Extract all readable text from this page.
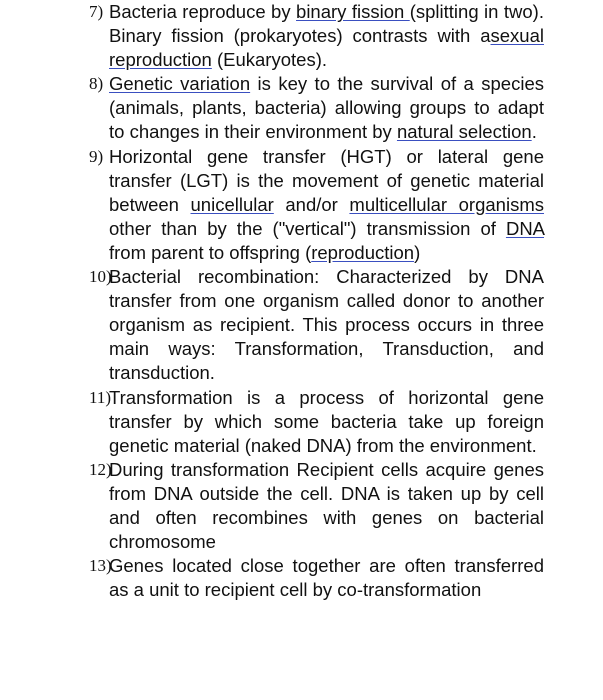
7) Bacteria reproduce by binary fission (splitting in two). Binary fission (prokaryotes) contrasts with asexual reproduction (Eukaryotes).
8) Genetic variation is key to the survival of a species (animals, plants, bacteria) allowing groups to adapt to changes in their environment by natural selection.
9) Horizontal gene transfer (HGT) or lateral gene transfer (LGT) is the movement of genetic material between unicellular and/or multicellular organisms other than by the ("vertical") transmission of DNA from parent to offspring (reproduction)
10)
Bacterial recombination: Characterized by DNA transfer from one organism called donor to another organism as recipient. This process occurs in three main ways: Transformation, Transduction, and transduction.
11)
Transformation is a process of horizontal gene transfer by which some bacteria take up foreign genetic material (naked DNA) from the environment.
12)
During transformation Recipient cells acquire genes from DNA outside the cell. DNA is taken up by cell and often recombines with genes on bacterial chromosome
13)
Genes located close together are often transferred as a unit to recipient cell by co-transformation
